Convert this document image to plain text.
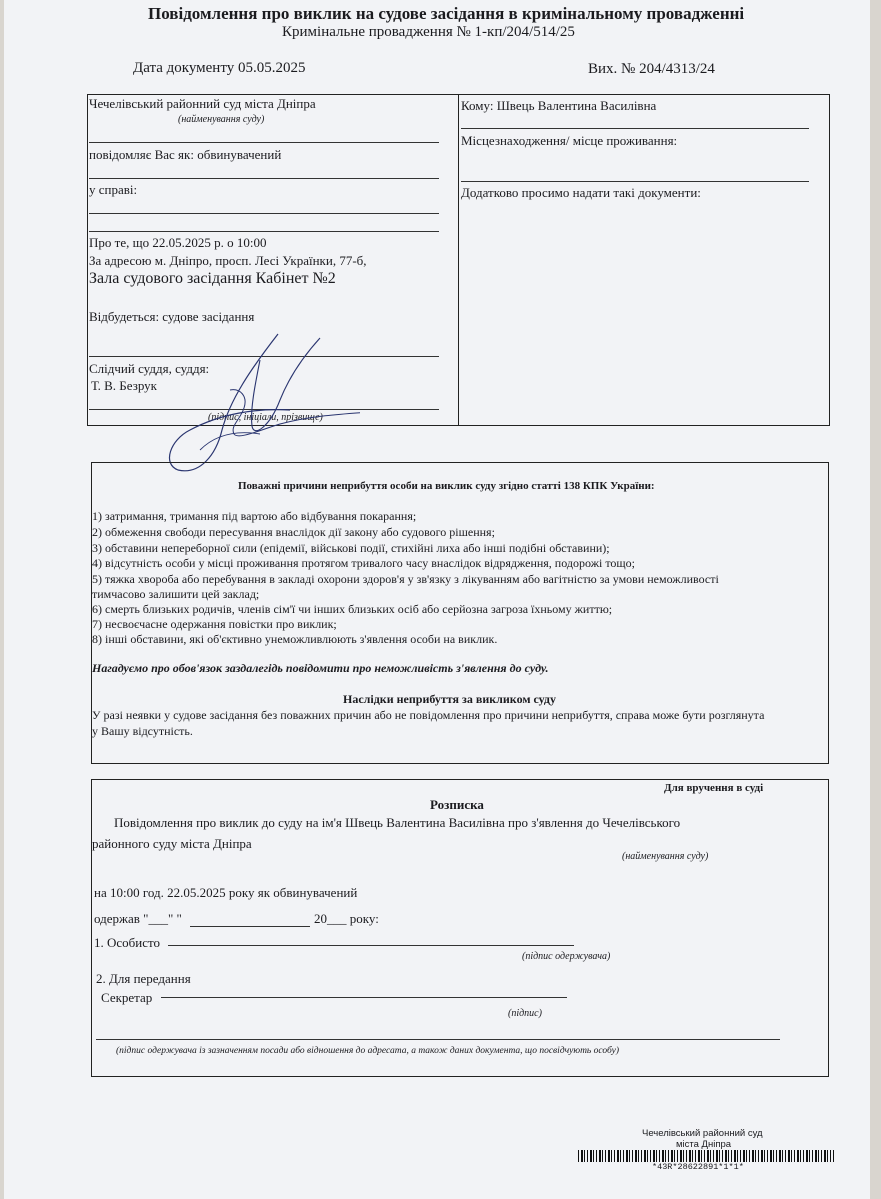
Повідомлення про виклик на судове засідання в кримінальному провадженні
Кримінальне провадження № 1-кп/204/514/25
Дата документу 05.05.2025	Вих. № 204/4313/24
Чечелівський районний суд міста Дніпра
(найменування суду)
повідомляє Вас як: обвинувачений
у справі:
Про те, що 22.05.2025 р. о 10:00
За адресою м. Дніпро, просп. Лесі Українки, 77-б,
Зала судового засідання Кабінет №2
Відбудеться: судове засідання
Слідчий суддя, суддя:
Т. В. Безрук
(підпис, ініціали, прізвище)
Кому: Швець Валентина Василівна
Місцезнаходження/ місце проживання:
Додатково просимо надати такі документи:
Поважні причини неприбуття особи на виклик суду згідно статті 138 КПК України:
1) затримання, тримання під вартою або відбування покарання;
2) обмеження свободи пересування внаслідок дії закону або судового рішення;
3) обставини непереборної сили (епідемії, військові події, стихійні лиха або інші подібні обставини);
4) відсутність особи у місці проживання протягом тривалого часу внаслідок відрядження, подорожі тощо;
5) тяжка хвороба або перебування в закладі охорони здоров'я у зв'язку з лікуванням або вагітністю за умови неможливості
тимчасово залишити цей заклад;
6) смерть близьких родичів, членів сім'ї чи інших близьких осіб або серйозна загроза їхньому життю;
7) несвоєчасне одержання повістки про виклик;
8) інші обставини, які об'єктивно унеможливлюють з'явлення особи на виклик.
Нагадуємо про обов'язок заздалегідь повідомити про неможливість з'явлення до суду.
Наслідки неприбуття за викликом суду
У разі неявки у судове засідання без поважних причин або не повідомлення про причини неприбуття, справа може бути розглянута
у Вашу відсутність.
Для вручення в суді
Розписка
Повідомлення про виклик до суду на ім'я Швець Валентина Василівна про з'явлення до Чечелівського
районного суду міста Дніпра
(найменування суду)
на 10:00 год. 22.05.2025 року як обвинувачений
одержав "___" "	20___ року:
1. Особисто
(підпис одержувача)
2. Для передання
Секретар
(підпис)
(підпис одержувача із зазначенням посади або відношення до адресата, а також даних документа, що посвідчують особу)
Чечелівський районний суд
міста Дніпра
*43R*28622891*1*1*
